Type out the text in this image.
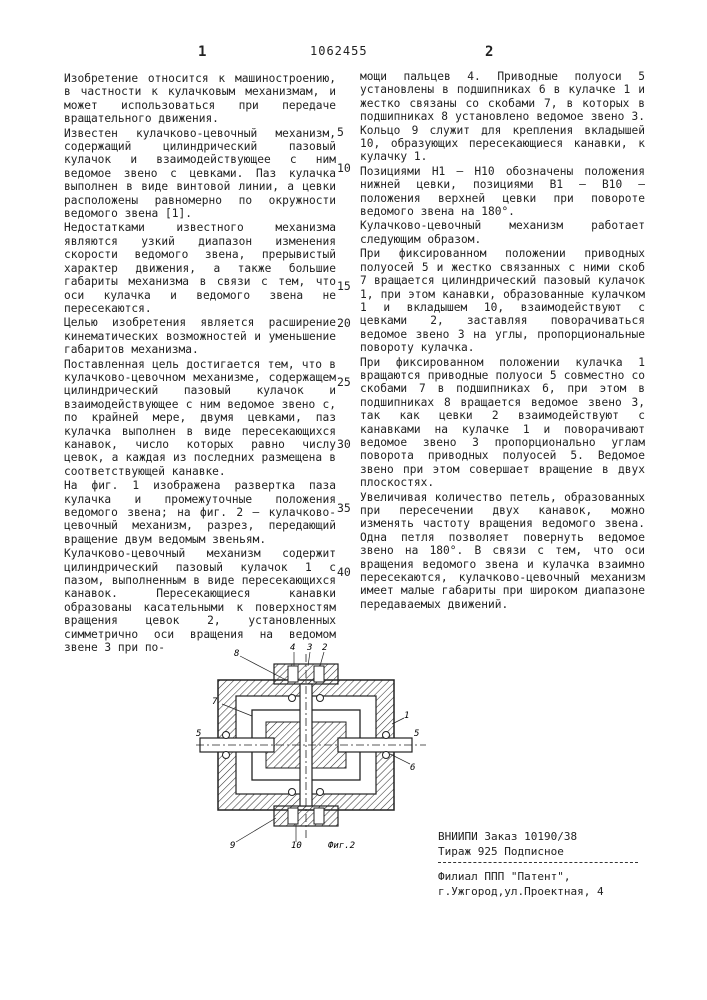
1	1062455	2

Изобретение относится к машиностроению, в частности к кулачковым механизмам, и может использоваться при передаче вращательного движения.

Известен кулачково-цевочный механизм, содержащий цилиндрический пазовый кулачок и взаимодействующее с ним ведомое звено с цевками. Паз кулачка выполнен в виде винтовой линии, а цевки расположены равномерно по окружности ведомого звена [1].

Недостатками известного механизма являются узкий диапазон изменения скорости ведомого звена, прерывистый характер движения, а также большие габариты механизма в связи с тем, что оси кулачка и ведомого звена не пересекаются.

Целью изобретения является расширение кинематических возможностей и уменьшение габаритов механизма.

Поставленная цель достигается тем, что в кулачково-цевочном механизме, содержащем цилиндрический пазовый кулачок и взаимодействующее с ним ведомое звено с, по крайней мере, двумя цевками, паз кулачка выполнен в виде пересекающихся канавок, число которых равно числу цевок, а каждая из последних размещена в соответствующей канавке.

На фиг. 1 изображена развертка паза кулачка и промежуточные положения ведомого звена; на фиг. 2 – кулачково-цевочный механизм, разрез, передающий вращение двум ведомым звеньям.

Кулачково-цевочный механизм содержит цилиндрический пазовый кулачок 1 с пазом, выполненным в виде пересекающихся канавок. Пересекающиеся канавки образованы касательными к поверхностям вращения цевок 2, установленных симметрично оси вращения на ведомом звене 3 при по-

5
10
15
20
25
30
35
40

мощи пальцев 4. Приводные полуоси 5 установлены в подшипниках 6 в кулачке 1 и жестко связаны со скобами 7, в которых в подшипниках 8 установлено ведомое звено 3. Кольцо 9 служит для крепления вкладышей 10, образующих пересекающиеся канавки, к кулачку 1.

Позициями Н1 – Н10 обозначены положения нижней цевки, позициями В1 – В10 – положения верхней цевки при повороте ведомого звена на 180°.

Кулачково-цевочный механизм работает следующим образом.

При фиксированном положении приводных полуосей 5 и жестко связанных с ними скоб 7 вращается цилиндрический пазовый кулачок 1, при этом канавки, образованные кулачком 1 и вкладышем 10, взаимодействуют с цевками 2, заставляя поворачиваться ведомое звено 3 на углы, пропорциональные повороту кулачка.

При фиксированном положении кулачка 1 вращаются приводные полуоси 5 совместно со скобами 7 в подшипниках 6, при этом в подшипниках 8 вращается ведомое звено 3, так как цевки 2 взаимодействуют с канавками на кулачке 1 и поворачивают ведомое звено 3 пропорционально углам поворота приводных полуосей 5. Ведомое звено при этом совершает вращение в двух плоскостях.

Увеличивая количество петель, образованных при пересечении двух канавок, можно изменять частоту вращения ведомого звена. Одна петля позволяет повернуть ведомое звено на 180°. В связи с тем, что оси вращения ведомого звена и кулачка взаимно пересекаются, кулачково-цевочный механизм имеет малые габариты при широком диапазоне передаваемых движений.

8
4 3 2
7
1
5	5
6
9	10	Фиг.2
ВНИИПИ Заказ 10190/38
Тираж 925 Подписное
Филиал ППП "Патент",
г.Ужгород,ул.Проектная, 4
